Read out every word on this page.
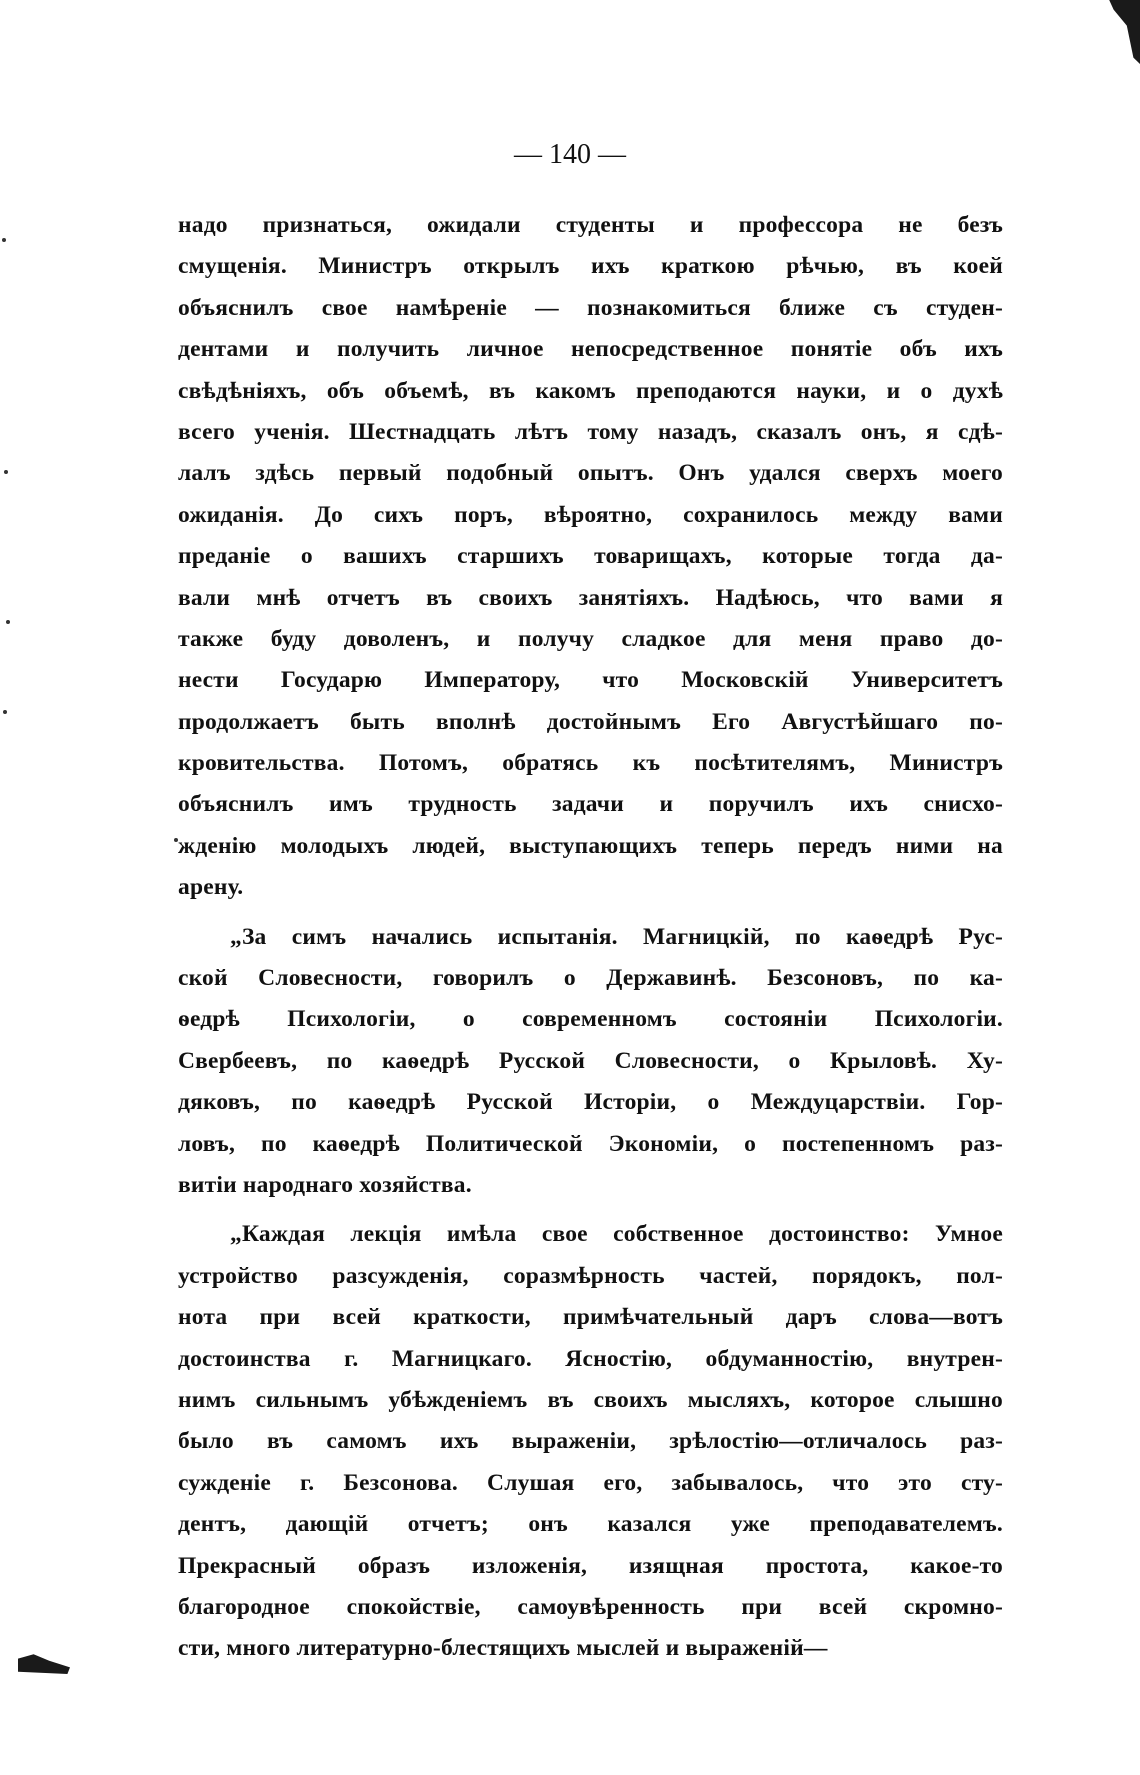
— 140 —
надо признаться, ожидали студенты и профессора не безъ
смущенія. Министръ открылъ ихъ краткою рѣчью, въ коей
объяснилъ свое намѣреніе — познакомиться ближе съ студен-
дентами и получить личное непосредственное понятіе объ ихъ
свѣдѣніяхъ, объ объемѣ, въ какомъ преподаются науки, и о духѣ
всего ученія. Шестнадцать лѣтъ тому назадъ, сказалъ онъ, я сдѣ-
лалъ здѣсь первый подобный опытъ. Онъ удался сверхъ моего
ожиданія. До сихъ поръ, вѣроятно, сохранилось между вами
преданіе о вашихъ старшихъ товарищахъ, которые тогда да-
вали мнѣ отчетъ въ своихъ занятіяхъ. Надѣюсь, что вами я
также буду доволенъ, и получу сладкое для меня право до-
нести Государю Императору, что Московскій Университетъ
продолжаетъ быть вполнѣ достойнымъ Его Августѣйшаго по-
кровительства. Потомъ, обратясь къ посѣтителямъ, Министръ
объяснилъ имъ трудность задачи и поручилъ ихъ снисхо-
жденію молодыхъ людей, выступающихъ теперь передъ ними на
арену.
„За симъ начались испытанія. Магницкій, по каѳедрѣ Рус-
ской Словесности, говорилъ о Державинѣ. Безсоновъ, по ка-
ѳедрѣ Психологіи, о современномъ состояніи Психологіи.
Свербеевъ, по каѳедрѣ Русской Словесности, о Крыловѣ. Ху-
дяковъ, по каѳедрѣ Русской Исторіи, о Междуцарствіи. Гор-
ловъ, по каѳедрѣ Политической Экономіи, о постепенномъ раз-
витіи народнаго хозяйства.
„Каждая лекція имѣла свое собственное достоинство: Умное
устройство разсужденія, соразмѣрность частей, порядокъ, пол-
нота при всей краткости, примѣчательный даръ слова—вотъ
достоинства г. Магницкаго. Ясностію, обдуманностію, внутрен-
нимъ сильнымъ убѣжденіемъ въ своихъ мысляхъ, которое слышно
было въ самомъ ихъ выраженіи, зрѣлостію—отличалось раз-
сужденіе г. Безсонова. Слушая его, забывалось, что это сту-
дентъ, дающій отчетъ; онъ казался уже преподавателемъ.
Прекрасный образъ изложенія, изящная простота, какое-то
благородное спокойствіе, самоувѣренность при всей скромно-
сти, много литературно-блестящихъ мыслей и выраженій—
